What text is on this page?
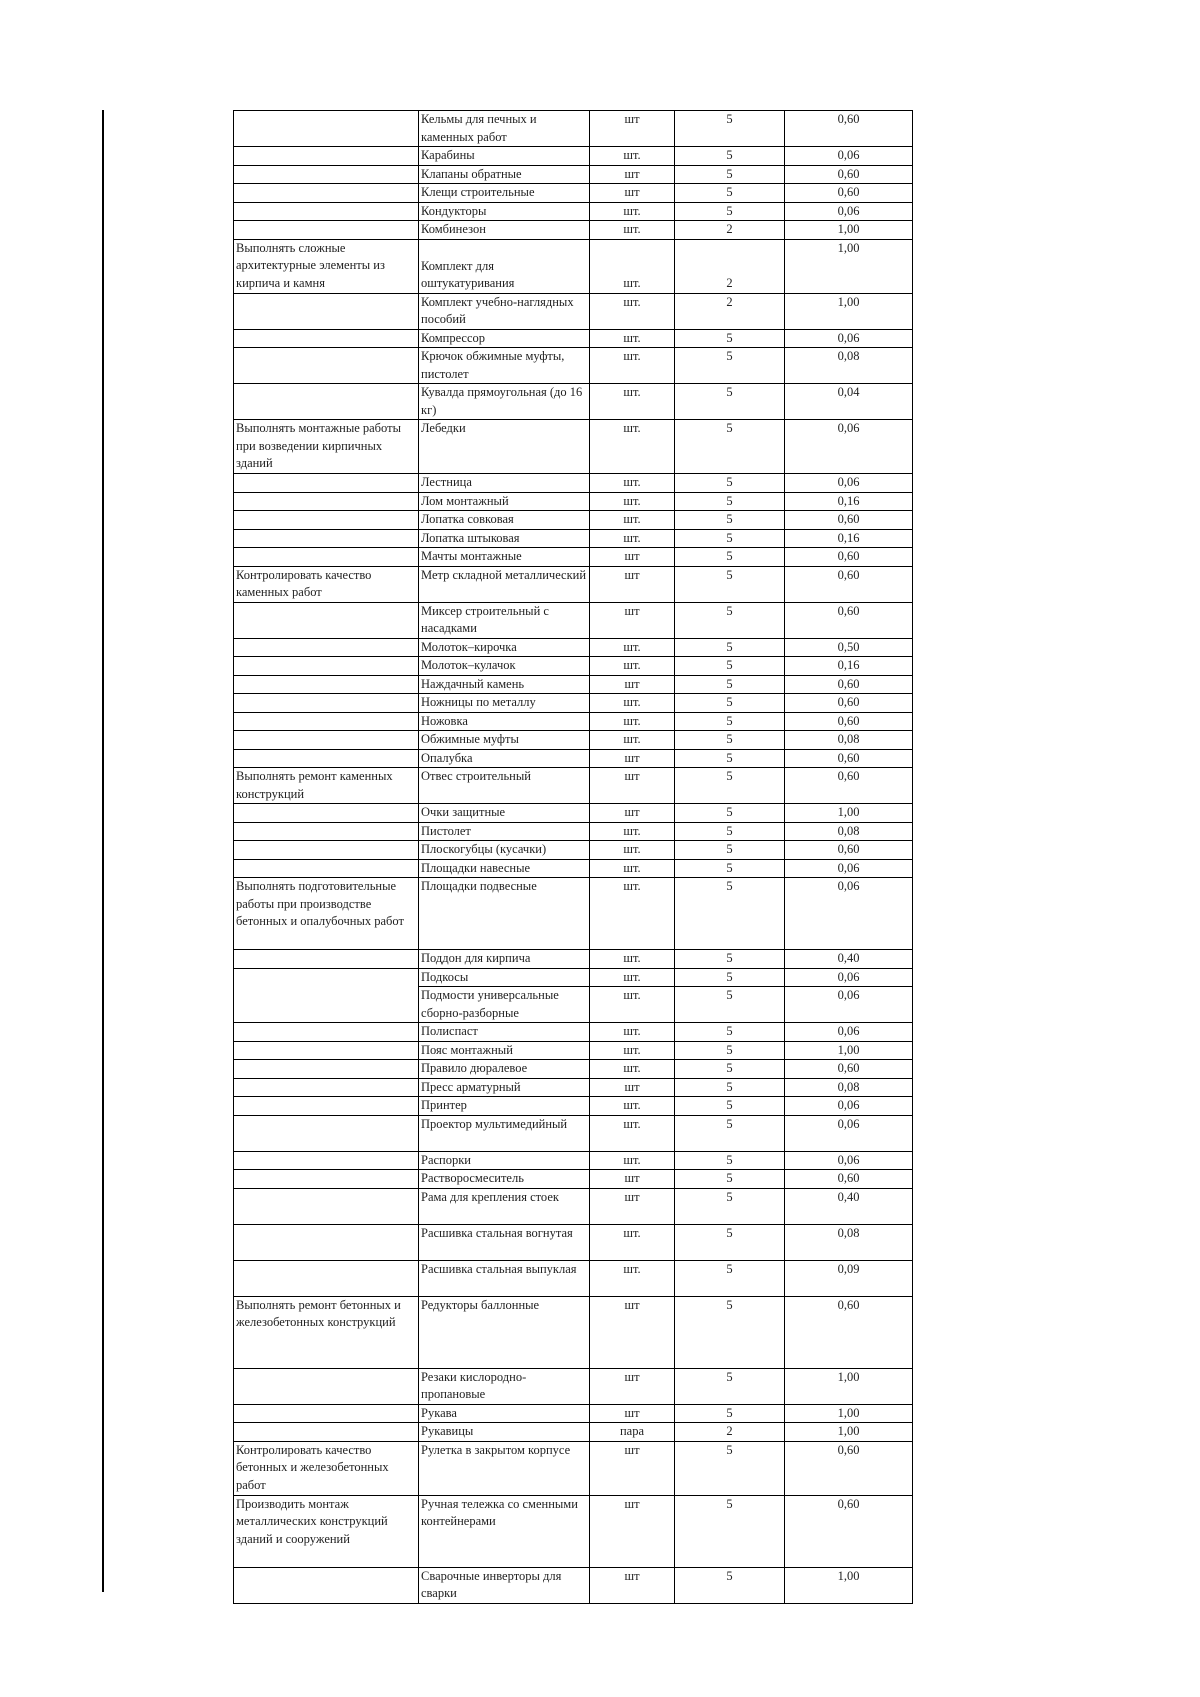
	Кельмы для печных и каменных работ	шт	5	0,60
	Карабины	шт.	5	0,06
	Клапаны обратные	шт	5	0,60
	Клещи строительные	шт	5	0,60
	Кондукторы	шт.	5	0,06
	Комбинезон	шт.	2	1,00
Выполнять сложные архитектурные элементы из кирпича и камня	Комплект для оштукатуривания	шт.	2	1,00
	Комплект учебно-наглядных пособий	шт.	2	1,00
	Компрессор	шт.	5	0,06
	Крючок обжимные муфты, пистолет	шт.	5	0,08
	Кувалда прямоугольная (до 16 кг)	шт.	5	0,04
Выполнять монтажные работы при возведении кирпичных зданий	Лебедки	шт.	5	0,06
	Лестница	шт.	5	0,06
	Лом монтажный	шт.	5	0,16
	Лопатка совковая	шт.	5	0,60
	Лопатка штыковая	шт.	5	0,16
	Мачты монтажные	шт	5	0,60
Контролировать качество каменных работ	Метр складной металлический	шт	5	0,60
	Миксер строительный с насадками	шт	5	0,60
	Молоток–кирочка	шт.	5	0,50
	Молоток–кулачок	шт.	5	0,16
	Наждачный камень	шт	5	0,60
	Ножницы по металлу	шт.	5	0,60
	Ножовка	шт.	5	0,60
	Обжимные муфты	шт.	5	0,08
	Опалубка	шт	5	0,60
Выполнять ремонт каменных конструкций	Отвес строительный	шт	5	0,60
	Очки защитные	шт	5	1,00
	Пистолет	шт.	5	0,08
	Плоскогубцы (кусачки)	шт.	5	0,60
	Площадки навесные	шт.	5	0,06
Выполнять подготовительные работы при производстве бетонных и опалубочных работ	Площадки подвесные	шт.	5	0,06
	Поддон для кирпича	шт.	5	0,40
	Подкосы	шт.	5	0,06
	Подмости универсальные сборно-разборные	шт.	5	0,06
	Полиспаст	шт.	5	0,06
	Пояс монтажный	шт.	5	1,00
	Правило дюралевое	шт.	5	0,60
	Пресс арматурный	шт	5	0,08
	Принтер	шт.	5	0,06
	Проектор мультимедийный	шт.	5	0,06
	Распорки	шт.	5	0,06
	Растворосмеситель	шт	5	0,60
	Рама для крепления стоек	шт	5	0,40
	Расшивка стальная вогнутая	шт.	5	0,08
	Расшивка стальная выпуклая	шт.	5	0,09
Выполнять ремонт бетонных и железобетонных конструкций	Редукторы баллонные	шт	5	0,60
	Резаки кислородно-пропановые	шт	5	1,00
	Рукава	шт	5	1,00
	Рукавицы	пара	2	1,00
Контролировать качество бетонных и железобетонных работ	Рулетка в закрытом корпусе	шт	5	0,60
Производить монтаж металлических конструкций зданий и сооружений	Ручная тележка со сменными контейнерами	шт	5	0,60
	Сварочные инверторы для сварки	шт	5	1,00
